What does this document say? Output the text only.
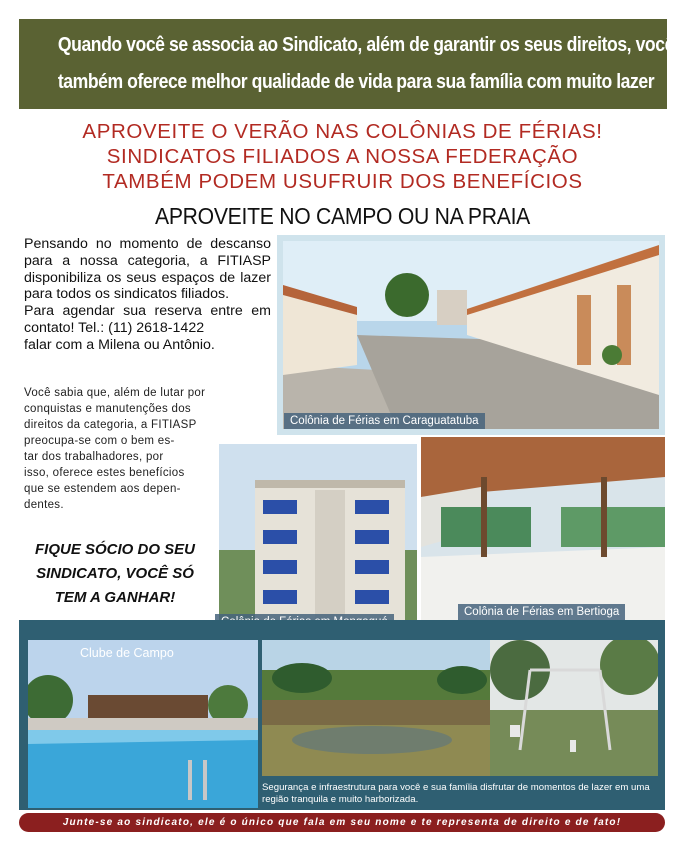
Quando você se associa ao Sindicato, além de garantir os seus direitos, você
também oferece melhor qualidade de vida para sua família com muito lazer
APROVEITE O VERÃO NAS COLÔNIAS DE FÉRIAS!
SINDICATOS FILIADOS A NOSSA FEDERAÇÃO
TAMBÉM PODEM USUFRUIR DOS BENEFÍCIOS
APROVEITE NO CAMPO OU NA PRAIA

Pensando no momento de descanso para a nossa categoria, a FITIASP disponibiliza os seus espaços de lazer para todos os sindicatos filiados.

Para agendar sua reserva entre em contato! Tel.: (11) 2618-1422

falar com a Milena ou Antônio.

Você sabia que, além de lutar por
conquistas e manutenções dos
direitos da categoria, a FITIASP
preocupa-se com o bem es-
tar dos trabalhadores, por
isso, oferece estes benefícios
que se estendem aos depen-
dentes.
FIQUE SÓCIO DO SEU
SINDICATO, VOCÊ SÓ
TEM A GANHAR!
Colônia de Férias em Caraguatatuba
Colônia de Férias em Bertioga
Clube de Campo
Segurança e infraestrutura para você e sua família disfrutar de momentos de lazer em uma região tranquila e muito harborizada.
Junte-se ao sindicato, ele é o único que fala em seu nome e te representa de direito e de fato!
